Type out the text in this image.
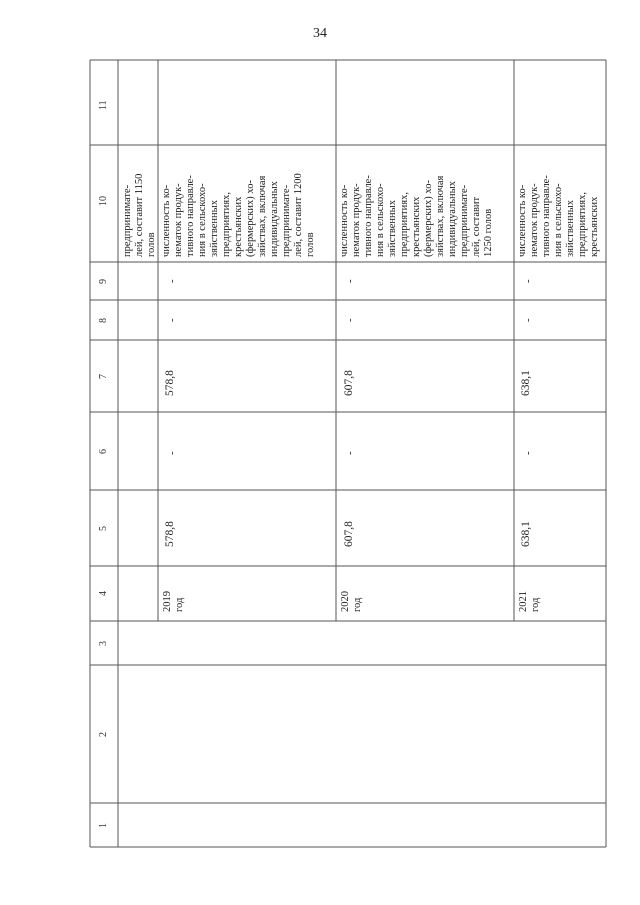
34
11
10
9
8
7
6
5
4
3
2
1
предпринимате- лей, составит 1150 голов
2019 год
578,8
-
578,8
-
-
численность ко- нематок продук- тивного направле- ния в сельскохо- зяйственных предприятиях, крестьянских (фермерских) хо- зяйствах, включая индивидуальных предпринимате- лей, составит 1200 голов
2020 год
607,8
-
607,8
-
-
численность ко- нематок продук- тивного направле- ния в сельскохо- зяйственных предприятиях, крестьянских (фермерских) хо- зяйствах, включая индивидуальных предпринимате- лей, составит 1250 голов
2021 год
638,1
-
638,1
-
-
численность ко- нематок продук- тивного направле- ния в сельскохо- зяйственных предприятиях, крестьянских
